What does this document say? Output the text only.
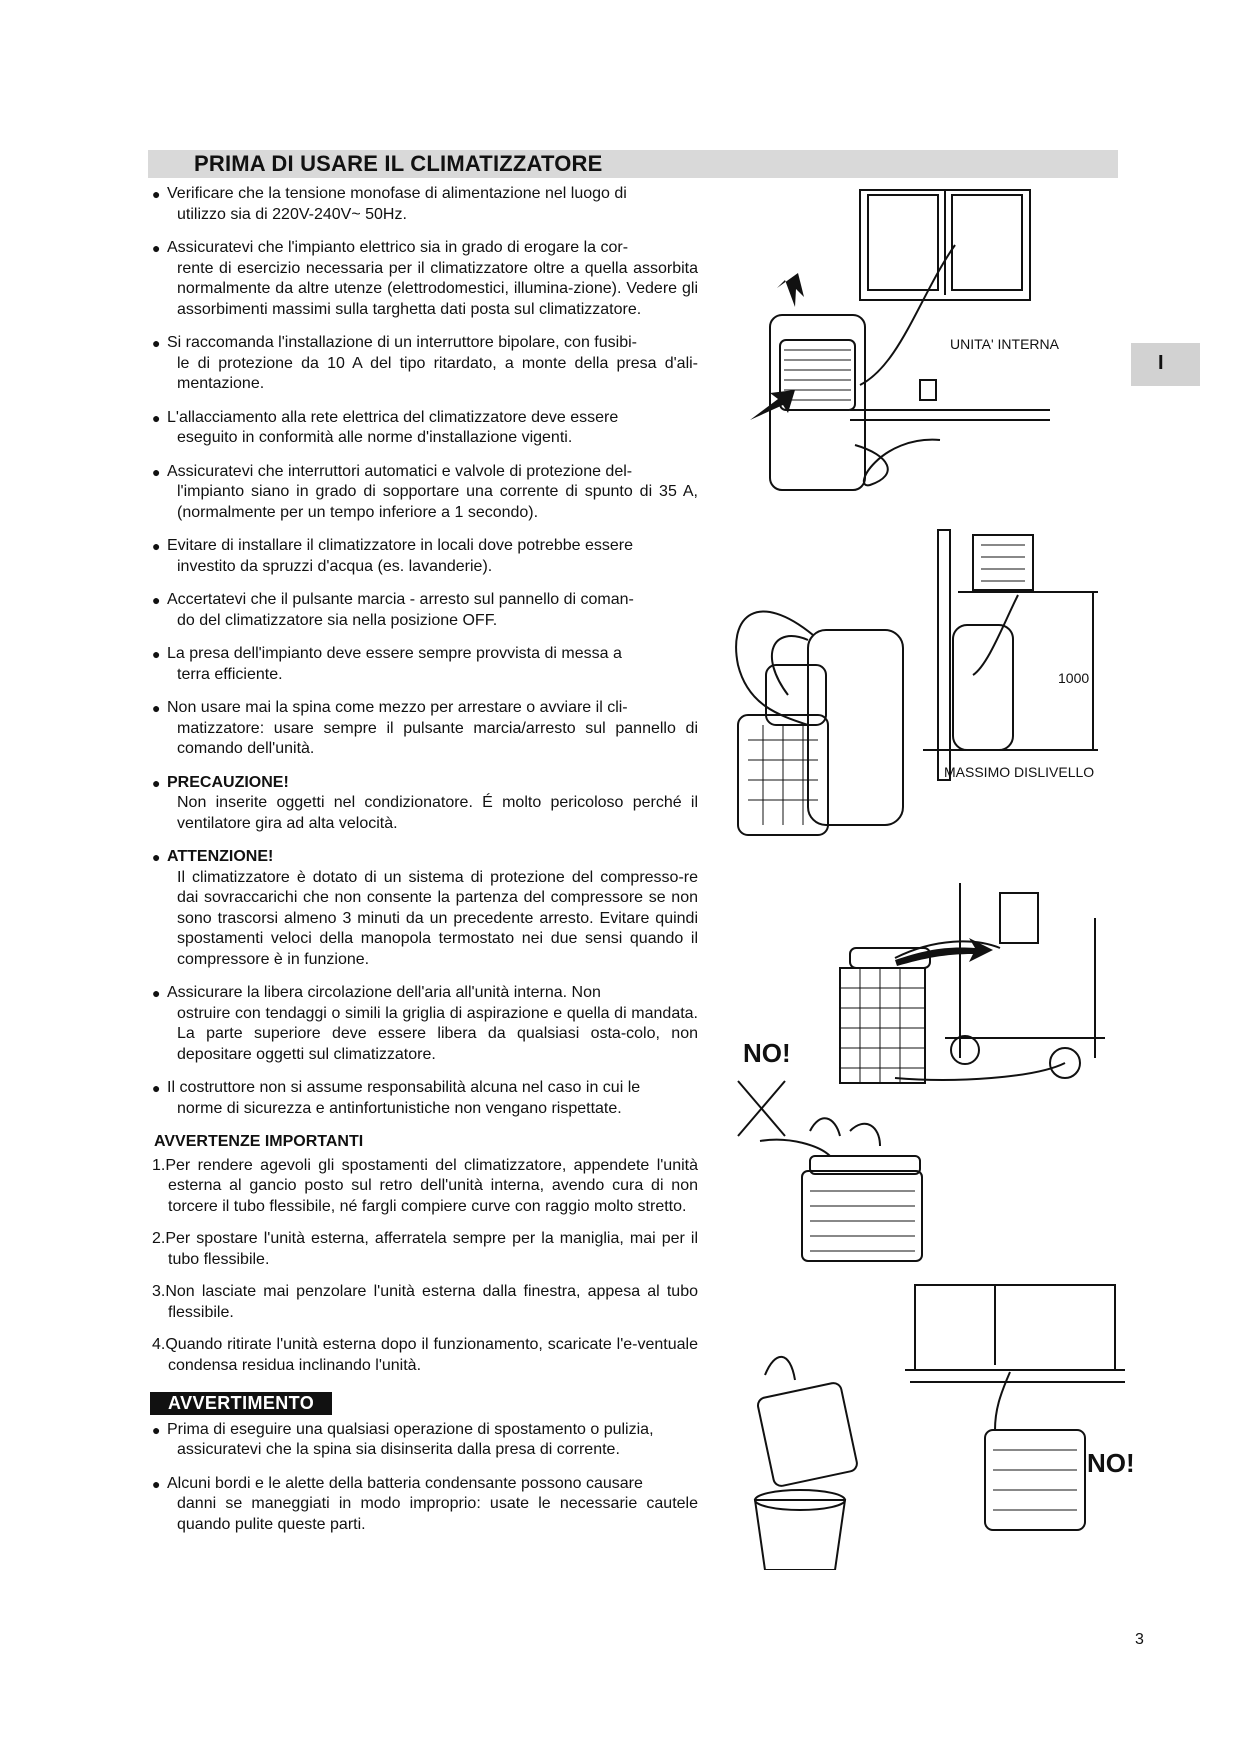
PRIMA DI USARE IL CLIMATIZZATORE
I
● Verificare che la tensione monofase di alimentazione nel luogo di
utilizzo sia di 220V-240V~ 50Hz.
● Assicuratevi che l'impianto elettrico sia in grado di erogare la cor-
rente di esercizio necessaria per il climatizzatore oltre a quella assorbita normalmente da altre utenze (elettrodomestici, illumina-zione). Vedere gli assorbimenti massimi sulla targhetta dati posta sul climatizzatore.
● Si raccomanda l'installazione di un interruttore bipolare, con fusibi-
le di protezione da 10 A del tipo ritardato, a monte della presa d'ali-mentazione.
● L'allacciamento alla rete elettrica del climatizzatore deve essere
eseguito in conformità alle norme d'installazione vigenti.
● Assicuratevi che interruttori automatici e valvole di protezione del-
l'impianto siano in grado di sopportare una corrente di spunto di 35 A, (normalmente per un tempo inferiore a 1 secondo).
● Evitare di installare il climatizzatore in locali dove potrebbe essere
investito da spruzzi d'acqua (es. lavanderie).
● Accertatevi che il pulsante marcia - arresto sul pannello di coman-
do del climatizzatore sia nella posizione OFF.
● La presa dell'impianto deve essere sempre provvista di messa a
terra efficiente.
● Non usare mai la spina come mezzo per arrestare o avviare il cli-
matizzatore: usare sempre il pulsante marcia/arresto sul pannello di comando dell'unità.
● PRECAUZIONE!
Non inserite oggetti nel condizionatore. É molto pericoloso perché il ventilatore gira ad alta velocità.
● ATTENZIONE!
Il climatizzatore è dotato di un sistema di protezione del compresso-re dai sovraccarichi che non consente la partenza del compressore se non sono trascorsi almeno 3 minuti da un precedente arresto. Evitare quindi spostamenti veloci della manopola termostato nei due sensi quando il compressore è in funzione.
● Assicurare la libera circolazione dell'aria all'unità interna. Non
ostruire con tendaggi o simili la griglia di aspirazione e quella di mandata. La parte superiore deve essere libera da qualsiasi osta-colo, non depositare oggetti sul climatizzatore.
● Il costruttore non si assume responsabilità alcuna nel caso in cui le
norme di sicurezza e antinfortunistiche non vengano rispettate.
AVVERTENZE IMPORTANTI
1.Per rendere agevoli gli spostamenti del climatizzatore, appendete l'unità esterna al gancio posto sul retro dell'unità interna, avendo cura di non torcere il tubo flessibile, né fargli compiere curve con raggio molto stretto.
2.Per spostare l'unità esterna, afferratela sempre per la maniglia, mai per il tubo flessibile.
3.Non lasciate mai penzolare l'unità esterna dalla finestra, appesa al tubo flessibile.
4.Quando ritirate l'unità esterna dopo il funzionamento, scaricate l'e-ventuale condensa residua inclinando l'unità.
AVVERTIMENTO
● Prima di eseguire una qualsiasi operazione di spostamento o pulizia,
assicuratevi che la spina sia disinserita dalla presa di corrente.
● Alcuni bordi e le alette della batteria condensante possono causare
danni se maneggiati in modo improprio: usate le necessarie cautele quando pulite queste parti.
UNITA' INTERNA
1000
MASSIMO DISLIVELLO
NO!
NO!
3
